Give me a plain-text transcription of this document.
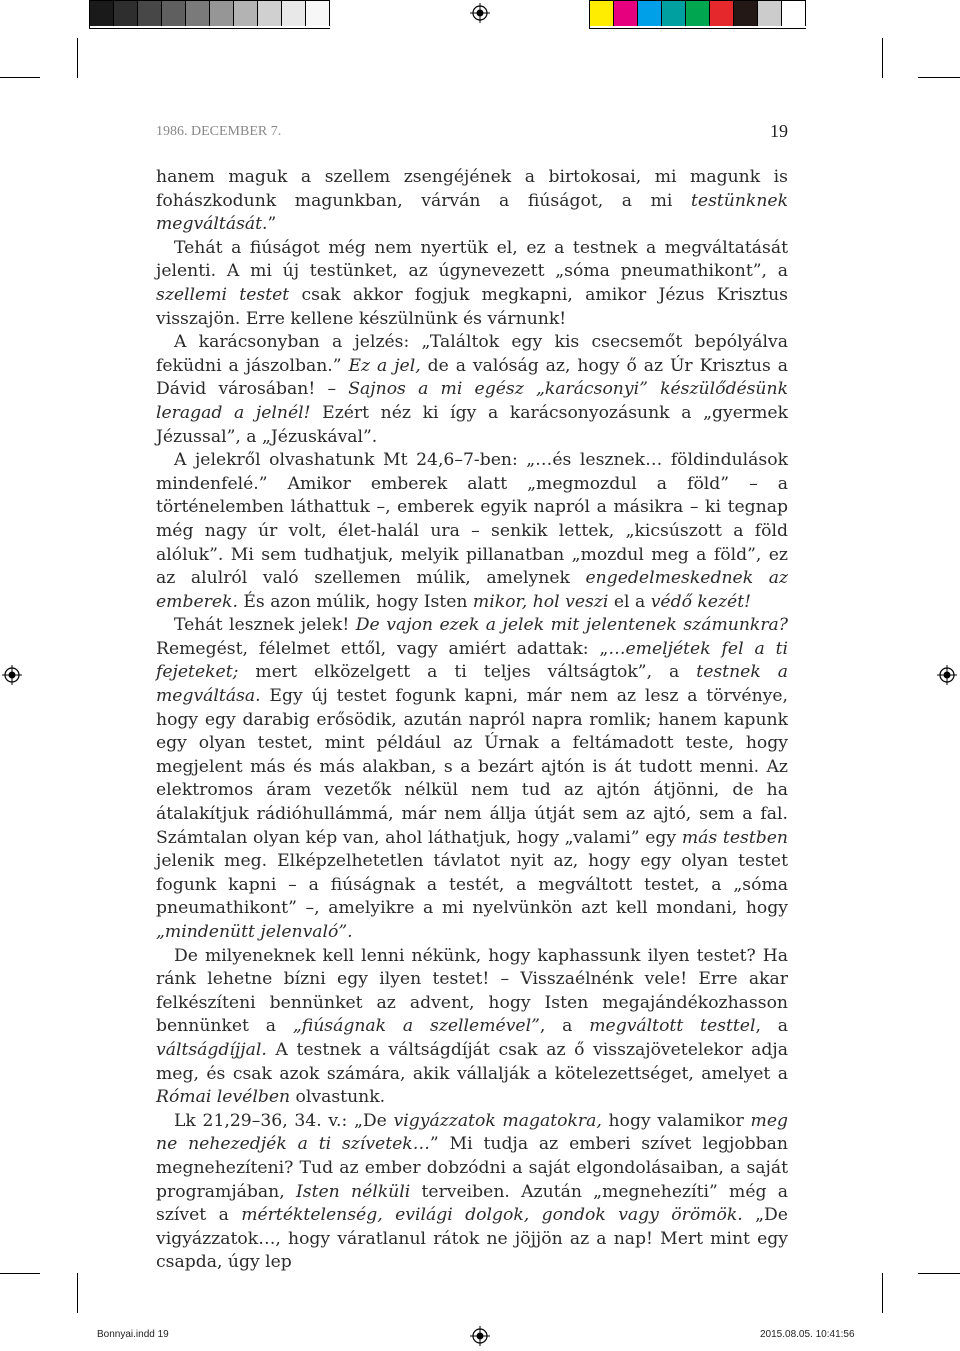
1986. DECEMBER 7.	19

hanem maguk a szellem zsengéjének a birtokosai, mi magunk is fohászkodunk magunkban, várván a fiúságot, a mi testünknek megváltását.”

Tehát a fiúságot még nem nyertük el, ez a testnek a megváltatását jelenti. A mi új testünket, az úgynevezett „sóma pneumathikont”, a szellemi testet csak akkor fogjuk megkapni, amikor Jézus Krisztus visszajön. Erre kellene készülnünk és várnunk!

A karácsonyban a jelzés: „Találtok egy kis csecsemőt bepólyálva feküdni a jászolban.” Ez a jel, de a valóság az, hogy ő az Úr Krisztus a Dávid városában! – Sajnos a mi egész „karácsonyi” készülődésünk leragad a jelnél! Ezért néz ki így a karácsonyozásunk a „gyermek Jézussal”, a „Jézuskával”.

A jelekről olvashatunk Mt 24,6–7-ben: „…és lesznek… földindulások mindenfelé.” Amikor emberek alatt „megmozdul a föld” – a történelemben láthattuk –, emberek egyik napról a másikra – ki tegnap még nagy úr volt, élet-halál ura – senkik lettek, „kicsúszott a föld alóluk”. Mi sem tudhatjuk, melyik pillanatban „mozdul meg a föld”, ez az alulról való szellemen múlik, amelynek engedelmeskednek az emberek. És azon múlik, hogy Isten mikor, hol veszi el a védő kezét!

Tehát lesznek jelek! De vajon ezek a jelek mit jelentenek számunkra? Remegést, félelmet ettől, vagy amiért adattak: „…emeljétek fel a ti fejeteket; mert elközelgett a ti teljes váltságtok”, a testnek a megváltása. Egy új testet fogunk kapni, már nem az lesz a törvénye, hogy egy darabig erősödik, azután napról napra romlik; hanem kapunk egy olyan testet, mint például az Úrnak a feltámadott teste, hogy megjelent más és más alakban, s a bezárt ajtón is át tudott menni. Az elektromos áram vezetők nélkül nem tud az ajtón átjönni, de ha átalakítjuk rádióhullámmá, már nem állja útját sem az ajtó, sem a fal. Számtalan olyan kép van, ahol láthatjuk, hogy „valami” egy más testben jelenik meg. Elképzelhetetlen távlatot nyit az, hogy egy olyan testet fogunk kapni – a fiúságnak a testét, a megváltott testet, a „sóma pneumathikont” –, amelyikre a mi nyelvünkön azt kell mondani, hogy „mindenütt jelenvaló”.

De milyeneknek kell lenni nékünk, hogy kaphassunk ilyen testet? Ha ránk lehetne bízni egy ilyen testet! – Visszaélnénk vele! Erre akar felkészíteni bennünket az advent, hogy Isten megajándékozhasson bennünket a „fiúságnak a szellemével”, a megváltott testtel, a váltságdíjjal. A testnek a váltságdíját csak az ő visszajövetelekor adja meg, és csak azok számára, akik vállalják a kötelezettséget, amelyet a Római levélben olvastunk.

Lk 21,29–36, 34. v.: „De vigyázzatok magatokra, hogy valamikor meg ne nehezedjék a ti szívetek…” Mi tudja az emberi szívet legjobban megnehezíteni? Tud az ember dobzódni a saját elgondolásaiban, a saját programjában, Isten nélküli terveiben. Azután „megnehezíti” még a szívet a mértéktelenség, evilági dolgok, gondok vagy örömök. „De vigyázzatok…, hogy váratlanul rátok ne jöjjön az a nap! Mert mint egy csapda, úgy lep

Bonnyai.indd 19	2015.08.05. 10:41:56
